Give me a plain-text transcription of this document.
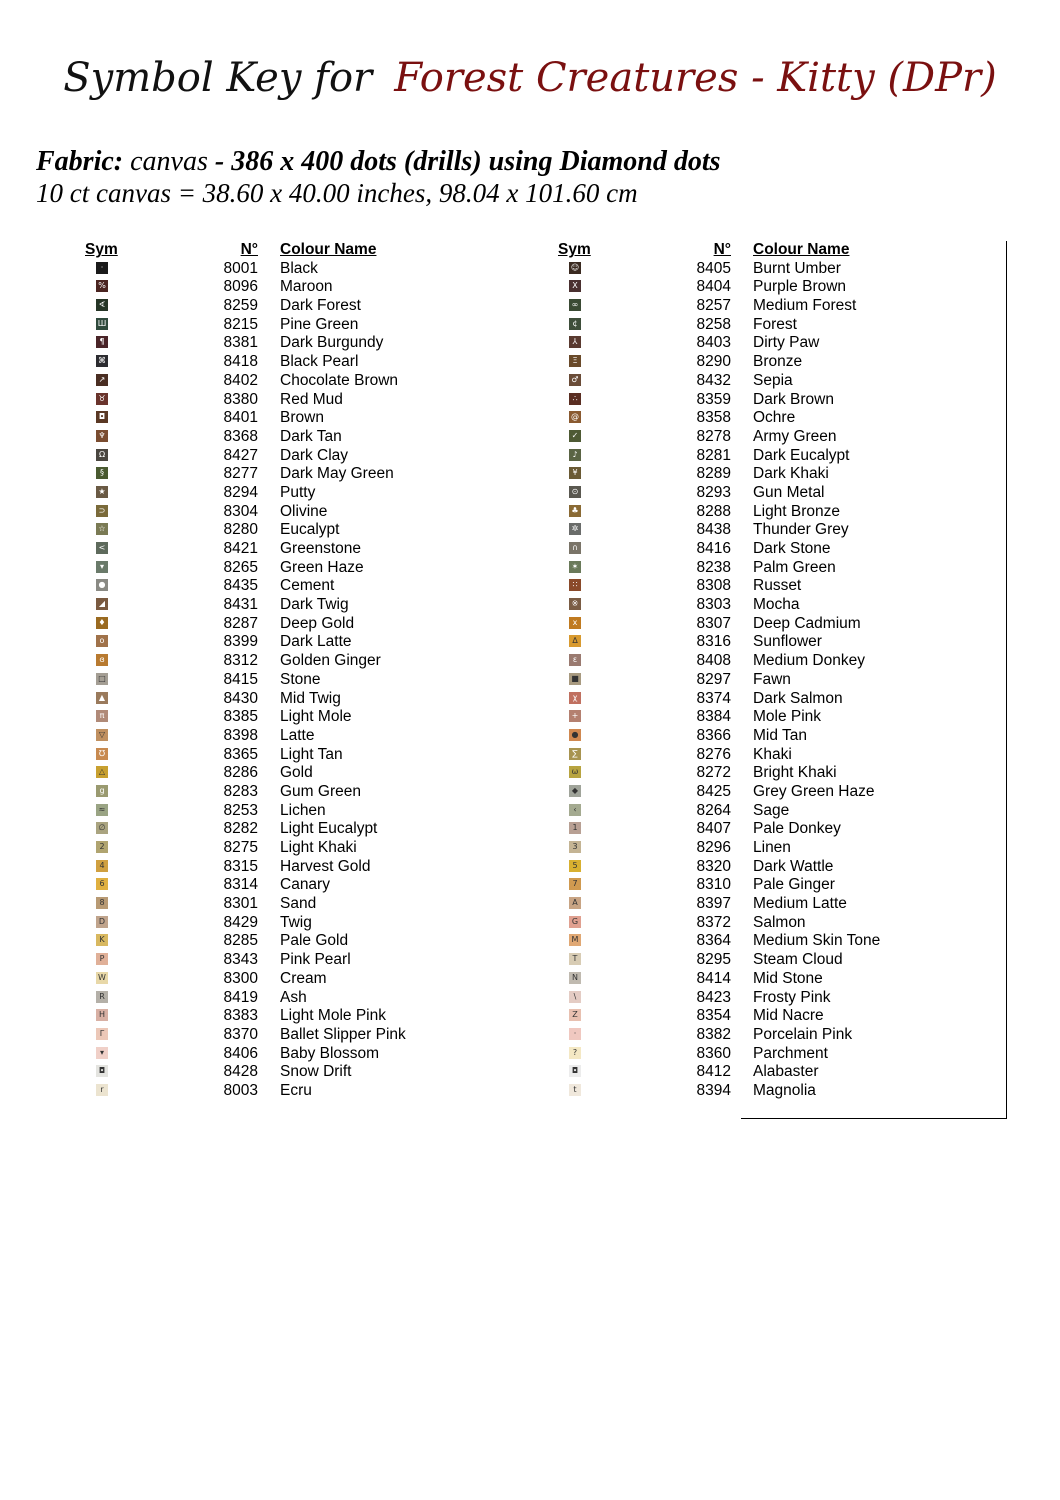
Symbol Key for Forest Creatures - Kitty (DPr)
Fabric: canvas - 386 x 400 dots (drills) using Diamond dots
10 ct canvas = 38.60 x 40.00 inches, 98.04 x 101.60 cm
Sym	N° Colour Name
·	8001 Black
%	8096 Maroon
∢	8259 Dark Forest
Ш	8215 Pine Green
¶	8381 Dark Burgundy
⌘	8418 Black Pearl
↗	8402 Chocolate Brown
♉	8380 Red Mud
◘	8401 Brown
♆	8368 Dark Tan
Ω	8427 Dark Clay
§	8277 Dark May Green
★	8294 Putty
⊃	8304 Olivine
☆	8280 Eucalypt
<	8421 Greenstone
▾	8265 Green Haze
●	8435 Cement
◢	8431 Dark Twig
♦	8287 Deep Gold
o	8399 Dark Latte
ɞ	8312 Golden Ginger
□	8415 Stone
▲	8430 Mid Twig
π	8385 Light Mole
▽	8398 Latte
℧	8365 Light Tan
△	8286 Gold
g	8283 Gum Green
≈	8253 Lichen
∅	8282 Light Eucalypt
2	8275 Light Khaki
4	8315 Harvest Gold
6	8314 Canary
8	8301 Sand
D	8429 Twig
K	8285 Pale Gold
P	8343 Pink Pearl
W	8300 Cream
R	8419 Ash
H	8383 Light Mole Pink
Γ	8370 Ballet Slipper Pink
▾	8406 Baby Blossom
◘	8428 Snow Drift
r	8003 Ecru
Sym	N° Colour Name
☺	8405 Burnt Umber
X	8404 Purple Brown
∞	8257 Medium Forest
¢	8258 Forest
⅄	8403 Dirty Paw
Ξ	8290 Bronze
♂	8432 Sepia
∴	8359 Dark Brown
@	8358 Ochre
✓	8278 Army Green
♪	8281 Dark Eucalypt
¥	8289 Dark Khaki
⊙	8293 Gun Metal
♣	8288 Light Bronze
✲	8438 Thunder Grey
∩	8416 Dark Stone
✶	8238 Palm Green
∷	8308 Russet
※	8303 Mocha
x	8307 Deep Cadmium
∆	8316 Sunflower
ε	8408 Medium Donkey
■	8297 Fawn
χ	8374 Dark Salmon
+	8384 Mole Pink
●	8366 Mid Tan
∑	8276 Khaki
ω	8272 Bright Khaki
◆	8425 Grey Green Haze
‹	8264 Sage
1	8407 Pale Donkey
3	8296 Linen
5	8320 Dark Wattle
7	8310 Pale Ginger
A	8397 Medium Latte
G	8372 Salmon
M	8364 Medium Skin Tone
T	8295 Steam Cloud
N	8414 Mid Stone
\	8423 Frosty Pink
Z	8354 Mid Nacre
·	8382 Porcelain Pink
?	8360 Parchment
◘	8412 Alabaster
t	8394 Magnolia
